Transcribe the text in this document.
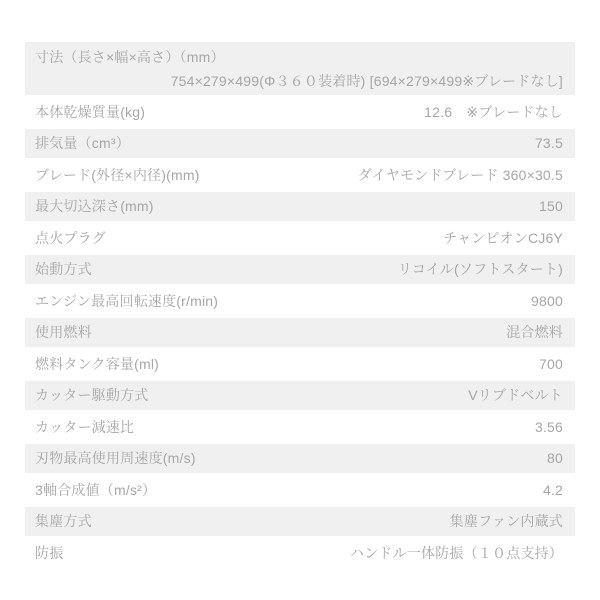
寸法（長さ×幅×高さ）（mm）
754×279×499(Φ３６０装着時) [694×279×499※ブレードなし]
本体乾燥質量(kg)	12.6　※ブレードなし
排気量（cm³）	73.5
ブレード(外径×内径)(mm)	ダイヤモンドブレード 360×30.5
最大切込深さ(mm)	150
点火プラグ	チャンピオンCJ6Y
始動方式	リコイル(ソフトスタート)
エンジン最高回転速度(r/min)	9800
使用燃料	混合燃料
燃料タンク容量(ml)	700
カッター駆動方式	Vリブドベルト
カッター減速比	3.56
刃物最高使用周速度(m/s)	80
3軸合成値（m/s²）	4.2
集塵方式	集塵ファン内蔵式
防振	ハンドル一体防振（１０点支持）
